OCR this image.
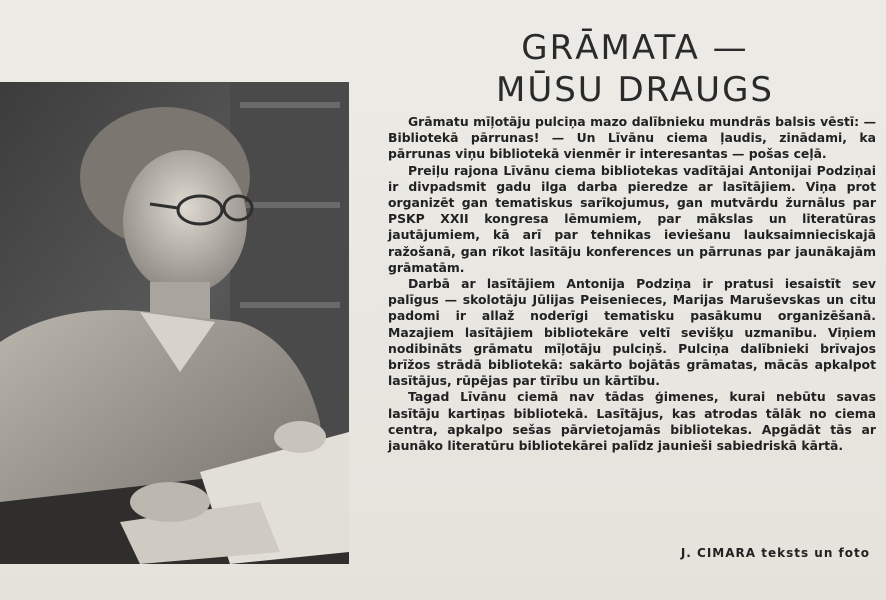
GRĀMATA —
MŪSU DRAUGS

Grāmatu mīļotāju pulciņa mazo dalībnieku mundrās balsis vēstī: — Bibliotekā pārrunas! — Un Līvānu ciema ļaudis, zinādami, ka pārrunas viņu bibliotekā vienmēr ir interesantas — pošas ceļā.

Preiļu rajona Līvānu ciema bibliotekas vadītājai Antonijai Podziņai ir divpadsmit gadu ilga darba pieredze ar lasītājiem. Viņa prot organizēt gan tematiskus sarīkojumus, gan mutvārdu žurnālus par PSKP XXII kongresa lēmumiem, par mākslas un literatūras jautājumiem, kā arī par tehnikas ieviešanu lauksaimnieciskajā ražošanā, gan rīkot lasītāju konferences un pārrunas par jaunākajām grāmatām.

Darbā ar lasītājiem Antonija Podziņa ir pratusi iesaistīt sev palīgus — skolotāju Jūlijas Peisenieces, Marijas Maruševskas un citu padomi ir allaž noderīgi tematisku pasākumu organizēšanā. Mazajiem lasītājiem bibliotekāre veltī sevišķu uzmanību. Viņiem nodibināts grāmatu mīļotāju pulciņš. Pulciņa dalībnieki brīvajos brīžos strādā bibliotekā: sakārto bojātās grāmatas, mācās apkalpot lasītājus, rūpējas par tīrību un kārtību.

Tagad Līvānu ciemā nav tādas ģimenes, kurai nebūtu savas lasītāju kartiņas bibliotekā. Lasītājus, kas atrodas tālāk no ciema centra, apkalpo sešas pārvietojamās bibliotekas. Apgādāt tās ar jaunāko literatūru bibliotekārei palīdz jaunieši sabiedriskā kārtā.

J. CIMARA teksts un foto
